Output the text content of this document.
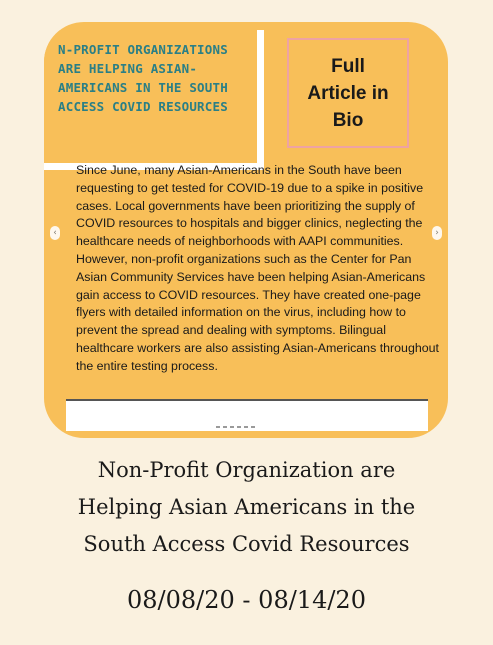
N-PROFIT ORGANIZATIONS
ARE HELPING ASIAN-
AMERICANS IN THE SOUTH
ACCESS COVID RESOURCES
Full
Article in
Bio
Since June, many Asian-Americans in the South have been requesting to get tested for COVID-19 due to a spike in positive cases. Local governments have been prioritizing the supply of COVID resources to hospitals and bigger clinics, neglecting the healthcare needs of neighborhoods with AAPI communities. However, non-profit organizations such as the Center for Pan Asian Community Services have been helping Asian-Americans gain access to COVID resources. They have created one-page flyers with detailed information on the virus, including how to prevent the spread and dealing with symptoms. Bilingual healthcare workers are also assisting Asian-Americans throughout the entire testing process.
‹	›
Non-Profit Organization are
Helping Asian Americans in the
South Access Covid Resources
08/08/20 - 08/14/20
